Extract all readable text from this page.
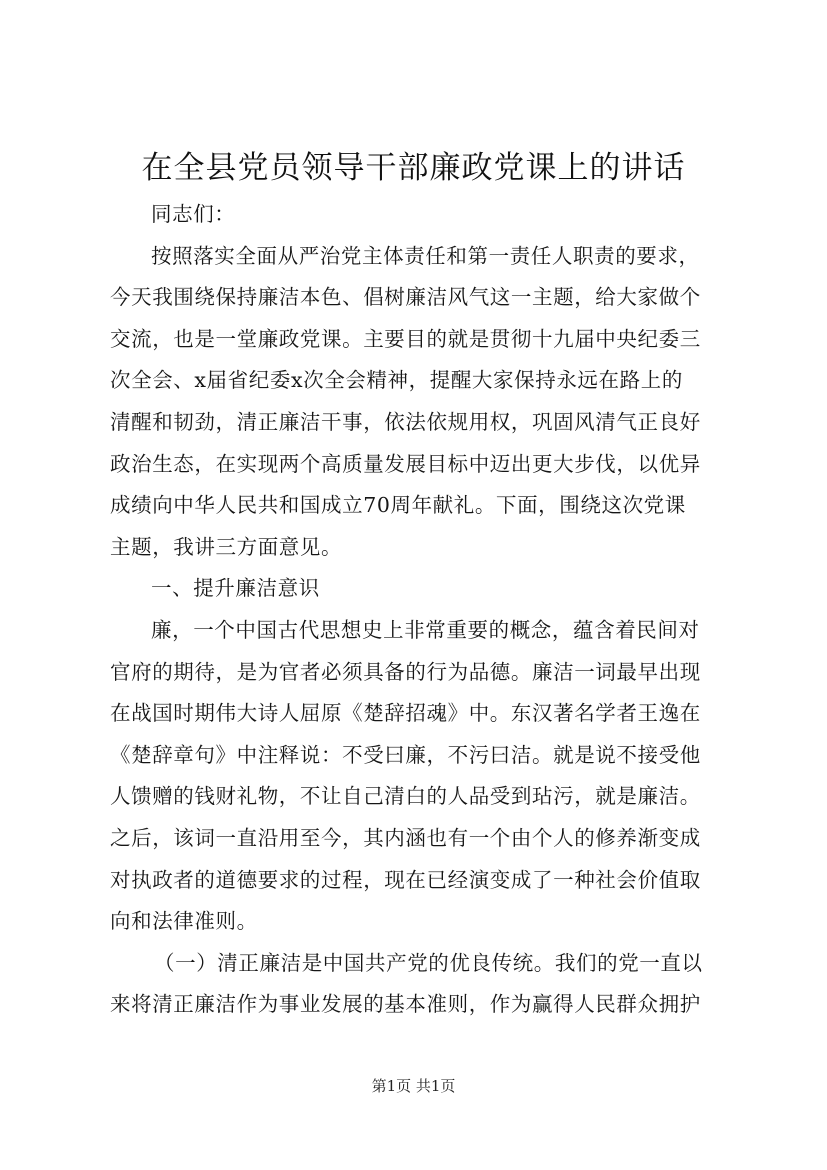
在全县党员领导干部廉政党课上的讲话
同志们：
按照落实全面从严治党主体责任和第一责任人职责的要求，
今天我围绕保持廉洁本色、倡树廉洁风气这一主题，给大家做个
交流，也是一堂廉政党课。主要目的就是贯彻十九届中央纪委三
次全会、x届省纪委x次全会精神，提醒大家保持永远在路上的
清醒和韧劲，清正廉洁干事，依法依规用权，巩固风清气正良好
政治生态，在实现两个高质量发展目标中迈出更大步伐，以优异
成绩向中华人民共和国成立70周年献礼。下面，围绕这次党课
主题，我讲三方面意见。
一、提升廉洁意识
廉，一个中国古代思想史上非常重要的概念，蕴含着民间对
官府的期待，是为官者必须具备的行为品德。廉洁一词最早出现
在战国时期伟大诗人屈原《楚辞招魂》中。东汉著名学者王逸在
《楚辞章句》中注释说：不受曰廉，不污曰洁。就是说不接受他
人馈赠的钱财礼物，不让自己清白的人品受到玷污，就是廉洁。
之后，该词一直沿用至今，其内涵也有一个由个人的修养渐变成
对执政者的道德要求的过程，现在已经演变成了一种社会价值取
向和法律准则。
（一）清正廉洁是中国共产党的优良传统。我们的党一直以
来将清正廉洁作为事业发展的基本准则，作为赢得人民群众拥护
第1页 共1页
